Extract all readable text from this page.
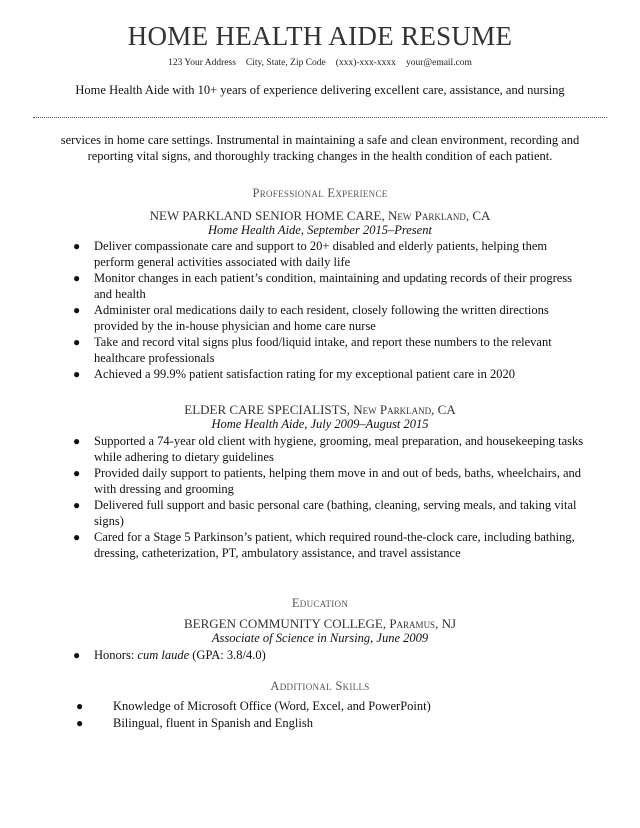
HOME HEALTH AIDE RESUME
123 Your Address City, State, Zip Code (xxx)-xxx-xxxx your@email.com
Home Health Aide with 10+ years of experience delivering excellent care, assistance, and nursing
services in home care settings. Instrumental in maintaining a safe and clean environment, recording and reporting vital signs, and thoroughly tracking changes in the health condition of each patient.
Professional Experience
NEW PARKLAND SENIOR HOME CARE, New Parkland, CA
Home Health Aide, September 2015–Present
● Deliver compassionate care and support to 20+ disabled and elderly patients, helping them perform general activities associated with daily life
● Monitor changes in each patient’s condition, maintaining and updating records of their progress and health
● Administer oral medications daily to each resident, closely following the written directions provided by the in-house physician and home care nurse
● Take and record vital signs plus food/liquid intake, and report these numbers to the relevant healthcare professionals
● Achieved a 99.9% patient satisfaction rating for my exceptional patient care in 2020
ELDER CARE SPECIALISTS, New Parkland, CA
Home Health Aide, July 2009–August 2015
● Supported a 74-year old client with hygiene, grooming, meal preparation, and housekeeping tasks while adhering to dietary guidelines
● Provided daily support to patients, helping them move in and out of beds, baths, wheelchairs, and with dressing and grooming
● Delivered full support and basic personal care (bathing, cleaning, serving meals, and taking vital signs)
● Cared for a Stage 5 Parkinson’s patient, which required round-the-clock care, including bathing, dressing, catheterization, PT, ambulatory assistance, and travel assistance
Education
BERGEN COMMUNITY COLLEGE, Paramus, NJ
Associate of Science in Nursing, June 2009
● Honors: cum laude (GPA: 3.8/4.0)
Additional Skills
● Knowledge of Microsoft Office (Word, Excel, and PowerPoint)
● Bilingual, fluent in Spanish and English
